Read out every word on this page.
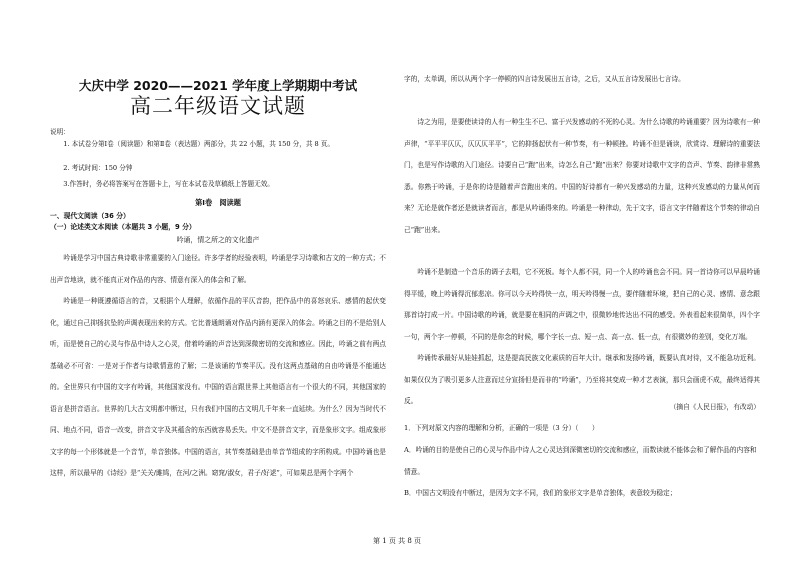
大庆中学 2020——2021 学年度上学期期中考试
高二年级语文试题
说明：
1. 本试卷分第Ⅰ卷（阅读题）和第Ⅱ卷（表达题）两部分，共 22 小题，共 150 分，共 8 页。
2. 考试时间：150 分钟
3.作答时，务必将答案写在答题卡上，写在本试卷及草稿纸上答题无效。
第Ⅰ卷　阅读题
一、现代文阅读（36 分）
（一）论述类文本阅读（本题共 3 小题，9 分）
吟诵，情之所之的文化遗产
吟诵是学习中国古典诗歌非常重要的入门途径。许多学者的经验表明，吟诵是学习诗歌和古文的一种方式；不出声音地读，就不能真正对作品的内容、情意有深入的体会和了解。
吟诵是一种既遵循语言的音，又根据个人理解，依循作品的平仄音韵，把作品中的喜怒哀乐、感情的起伏变化，通过自己抑扬抗坠的声调表现出来的方式。它比普通朗诵对作品内涵有更深入的体会。吟诵之目的不是给别人听，而是使自己的心灵与作品中诗人之心灵，借着吟诵的声音达到深微密切的交流和感应。因此，吟诵之前有两点基础必不可省：一是对于作者与诗歌情意的了解；二是该诵的节奏平仄。没有这两点基础的自由吟诵是不能通达的。 全世界只有中国的文字有吟诵，其他国家没有。中国的语言跟世界上其他语言有一个很大的不同，其他国家的语言是拼音语言。世界的几大古文明都中断过，只有我们中国的古文明几千年来一直延续。为什么？因为当时代不同、地点不同，语音一改变，拼音文字及其蕴含的东西就容易丢失。中文不是拼音文字，而是象形文字。组成象形文字的每一个形体就是一个音节，单音独体。中国的语言，其节奏基础是由单音节组成的字所构成。中国吟诵也是这样，所以最早的《诗经》是“关关/雎鸠，在河/之洲。窈窕/淑女，君子/好逑”，可如果总是两个字两个
字的，太单调，所以从两个字一停顿的四言诗发展出五言诗，之后，又从五言诗发展出七言诗。
诗之为用，是要使读诗的人有一种生生不已、富于兴发感动的不死的心灵。为什么诗歌的吟诵重要？因为诗歌有一种声律，“平平平仄仄，仄仄仄平平”，它的抑扬起伏有一种节奏，有一种顿挫。吟诵不但是诵读，欣赏诗、理解诗的重要法门，也是写作诗歌的入门途径。诗要自己“跑”出来，诗怎么自己“跑”出来？你要对诗歌中文字的音声、节奏、韵律非常熟悉。你熟于吟诵，于是你的诗是随着声音跑出来的。中国的好诗都有一种兴发感动的力量，这种兴发感动的力量从何而来？无论是就作者还是就读者而言，都是从吟诵得来的。吟诵是一种律动，先于文字，语言文字伴随着这个节奏的律动自己“跑”出来。
吟诵不是制造一个音乐的调子去唱，它不死板。每个人都不同，同一个人的吟诵也会不同。同一首诗你可以早晨吟诵得平缓，晚上吟诵得沉郁悲凉。你可以今天吟得快一点，明天吟得慢一点，要伴随着环境，把自己的心灵、感情、意念跟那首诗打成一片。中国诗歌的吟诵，就是要在相同的声调之中，很微妙地传达出不同的感受。外表看起来很简单，四个字一句，两个字一停顿，不同的是你念的时候，哪个字长一点、短一点、高一点、低一点，有很微妙的差别，变化万端。
吟诵传承最好从娃娃抓起，这是提高民族文化素质的百年大计。继承和发扬吟诵，既要认真对待，又不能急功近利。如果仅仅为了吸引更多人注意而过分宣扬但是而非的“吟诵”，乃至将其变成一种才艺表演，那只会画虎不成，最终适得其反。
（摘自《人民日报》，有改动）
1．下列对原文内容的理解和分析，正确的一项是（3 分）（　　）
A．吟诵的目的是使自己的心灵与作品中诗人之心灵达到深微密切的交流和感应，而数读就不能体会和了解作品的内容和情意。
B．中国古文明没有中断过，是因为文字不同，我们的象形文字是单音独体，表意较为稳定；
第 1 页 共 8 页
